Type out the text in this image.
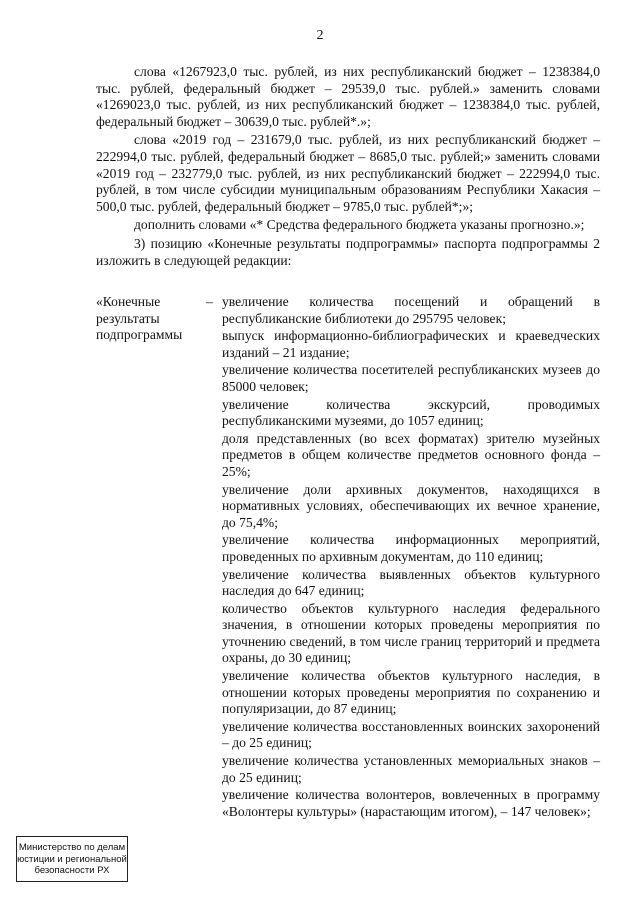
2

слова «1267923,0 тыс. рублей, из них республиканский бюджет – 1238384,0 тыс. рублей, федеральный бюджет – 29539,0 тыс. рублей.» заменить словами «1269023,0 тыс. рублей, из них республиканский бюджет – 1238384,0 тыс. рублей, федеральный бюджет – 30639,0 тыс. рублей*.»;

слова «2019 год – 231679,0 тыс. рублей, из них республиканский бюджет – 222994,0 тыс. рублей, федеральный бюджет – 8685,0 тыс. рублей;» заменить словами «2019 год – 232779,0 тыс. рублей, из них республиканский бюджет – 222994,0 тыс. рублей, в том числе субсидии муниципальным образованиям Республики Хакасия – 500,0 тыс. рублей, федеральный бюджет – 9785,0 тыс. рублей*;»;

дополнить словами «* Средства федерального бюджета указаны прогнозно.»;

3) позицию «Конечные результаты подпрограммы» паспорта подпрограммы 2 изложить в следующей редакции:

«Конечные результаты подпрограммы
– увеличение количества посещений и обращений в республиканские библиотеки до 295795 человек;
выпуск информационно-библиографических и краеведческих изданий – 21 издание;
увеличение количества посетителей республиканских музеев до 85000 человек;
увеличение количества экскурсий, проводимых республиканскими музеями, до 1057 единиц;
доля представленных (во всех форматах) зрителю музейных предметов в общем количестве предметов основного фонда – 25%;
увеличение доли архивных документов, находящихся в нормативных условиях, обеспечивающих их вечное хранение, до 75,4%;
увеличение количества информационных мероприятий, проведенных по архивным документам, до 110 единиц;
увеличение количества выявленных объектов культурного наследия до 647 единиц;
количество объектов культурного наследия федерального значения, в отношении которых проведены мероприятия по уточнению сведений, в том числе границ территорий и предмета охраны, до 30 единиц;
увеличение количества объектов культурного наследия, в отношении которых проведены мероприятия по сохранению и популяризации, до 87 единиц;
увеличение количества восстановленных воинских захоронений – до 25 единиц;
увеличение количества установленных мемориальных знаков – до 25 единиц;
увеличение количества волонтеров, вовлеченных в программу «Волонтеры культуры» (нарастающим итогом), – 147 человек»;
Министерство по делам
юстиции и региональной
безопасности РХ
